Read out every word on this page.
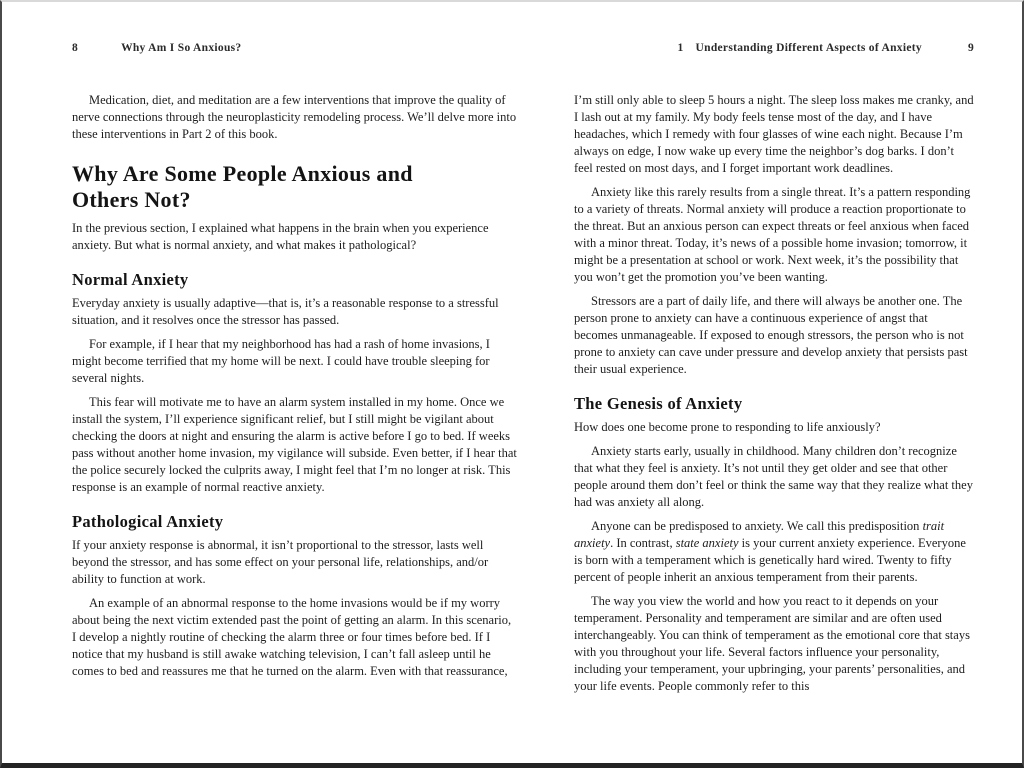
8	Why Am I So Anxious?

Medication, diet, and meditation are a few interventions that improve the quality of nerve connections through the neuroplasticity remodeling process. We’ll delve more into these interventions in Part 2 of this book.

Why Are Some People Anxious and Others Not?

In the previous section, I explained what happens in the brain when you experience anxiety. But what is normal anxiety, and what makes it pathological?

Normal Anxiety

Everyday anxiety is usually adaptive—that is, it’s a reasonable response to a stressful situation, and it resolves once the stressor has passed.

For example, if I hear that my neighborhood has had a rash of home invasions, I might become terrified that my home will be next. I could have trouble sleeping for several nights.

This fear will motivate me to have an alarm system installed in my home. Once we install the system, I’ll experience significant relief, but I still might be vigilant about checking the doors at night and ensuring the alarm is active before I go to bed. If weeks pass without another home invasion, my vigilance will subside. Even better, if I hear that the police securely locked the culprits away, I might feel that I’m no longer at risk. This response is an example of normal reactive anxiety.

Pathological Anxiety

If your anxiety response is abnormal, it isn’t proportional to the stressor, lasts well beyond the stressor, and has some effect on your personal life, relationships, and/or ability to function at work.

An example of an abnormal response to the home invasions would be if my worry about being the next victim extended past the point of getting an alarm. In this scenario, I develop a nightly routine of checking the alarm three or four times before bed. If I notice that my husband is still awake watching television, I can’t fall asleep until he comes to bed and reassures me that he turned on the alarm. Even with that reassurance,

1 Understanding Different Aspects of Anxiety	9

I’m still only able to sleep 5 hours a night. The sleep loss makes me cranky, and I lash out at my family. My body feels tense most of the day, and I have headaches, which I remedy with four glasses of wine each night. Because I’m always on edge, I now wake up every time the neighbor’s dog barks. I don’t feel rested on most days, and I forget important work deadlines.

Anxiety like this rarely results from a single threat. It’s a pattern responding to a variety of threats. Normal anxiety will produce a reaction proportionate to the threat. But an anxious person can expect threats or feel anxious when faced with a minor threat. Today, it’s news of a possible home invasion; tomorrow, it might be a presentation at school or work. Next week, it’s the possibility that you won’t get the promotion you’ve been wanting.

Stressors are a part of daily life, and there will always be another one. The person prone to anxiety can have a continuous experience of angst that becomes unmanageable. If exposed to enough stressors, the person who is not prone to anxiety can cave under pressure and develop anxiety that persists past their usual experience.

The Genesis of Anxiety

How does one become prone to responding to life anxiously?

Anxiety starts early, usually in childhood. Many children don’t recognize that what they feel is anxiety. It’s not until they get older and see that other people around them don’t feel or think the same way that they realize what they had was anxiety all along.

Anyone can be predisposed to anxiety. We call this predisposition trait anxiety. In contrast, state anxiety is your current anxiety experience. Everyone is born with a temperament which is genetically hard wired. Twenty to fifty percent of people inherit an anxious temperament from their parents.

The way you view the world and how you react to it depends on your temperament. Personality and temperament are similar and are often used interchangeably. You can think of temperament as the emotional core that stays with you throughout your life. Several factors influence your personality, including your temperament, your upbringing, your parents’ personalities, and your life events. People commonly refer to this
